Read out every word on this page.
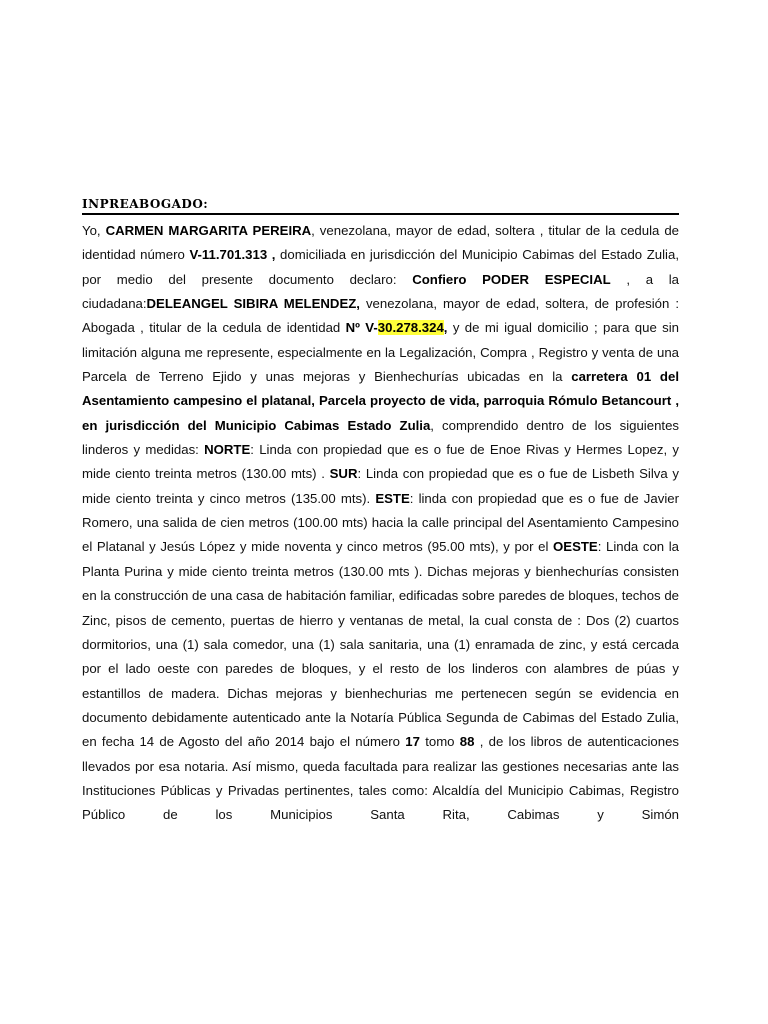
INPREABOGADO:

Yo, CARMEN MARGARITA PEREIRA, venezolana, mayor de edad, soltera , titular de la cedula de identidad número V-11.701.313 , domiciliada en jurisdicción del Municipio Cabimas del Estado Zulia, por medio del presente documento declaro: Confiero PODER ESPECIAL , a la ciudadana:DELEANGEL SIBIRA MELENDEZ, venezolana, mayor de edad, soltera, de profesión : Abogada , titular de la cedula de identidad Nº V-30.278.324, y de mi igual domicilio ; para que sin limitación alguna me represente, especialmente en la Legalización, Compra , Registro y venta de una Parcela de Terreno Ejido y unas mejoras y Bienhechurías ubicadas en la carretera 01 del Asentamiento campesino el platanal, Parcela proyecto de vida, parroquia Rómulo Betancourt , en jurisdicción del Municipio Cabimas Estado Zulia, comprendido dentro de los siguientes linderos y medidas: NORTE: Linda con propiedad que es o fue de Enoe Rivas y Hermes Lopez, y mide ciento treinta metros (130.00 mts) . SUR: Linda con propiedad que es o fue de Lisbeth Silva y mide ciento treinta y cinco metros (135.00 mts). ESTE: linda con propiedad que es o fue de Javier Romero, una salida de cien metros (100.00 mts) hacia la calle principal del Asentamiento Campesino el Platanal y Jesús López y mide noventa y cinco metros (95.00 mts), y por el OESTE: Linda con la Planta Purina y mide ciento treinta metros (130.00 mts ). Dichas mejoras y bienhechurías consisten en la construcción de una casa de habitación familiar, edificadas sobre paredes de bloques, techos de Zinc, pisos de cemento, puertas de hierro y ventanas de metal, la cual consta de : Dos (2) cuartos dormitorios, una (1) sala comedor, una (1) sala sanitaria, una (1) enramada de zinc, y está cercada por el lado oeste con paredes de bloques, y el resto de los linderos con alambres de púas y estantillos de madera. Dichas mejoras y bienhechurias me pertenecen según se evidencia en documento debidamente autenticado ante la Notaría Pública Segunda de Cabimas del Estado Zulia, en fecha 14 de Agosto del año 2014 bajo el número 17 tomo 88 , de los libros de autenticaciones llevados por esa notaria. Así mismo, queda facultada para realizar las gestiones necesarias ante las Instituciones Públicas y Privadas pertinentes, tales como: Alcaldía del Municipio Cabimas, Registro Público de los Municipios Santa Rita, Cabimas y Simón
